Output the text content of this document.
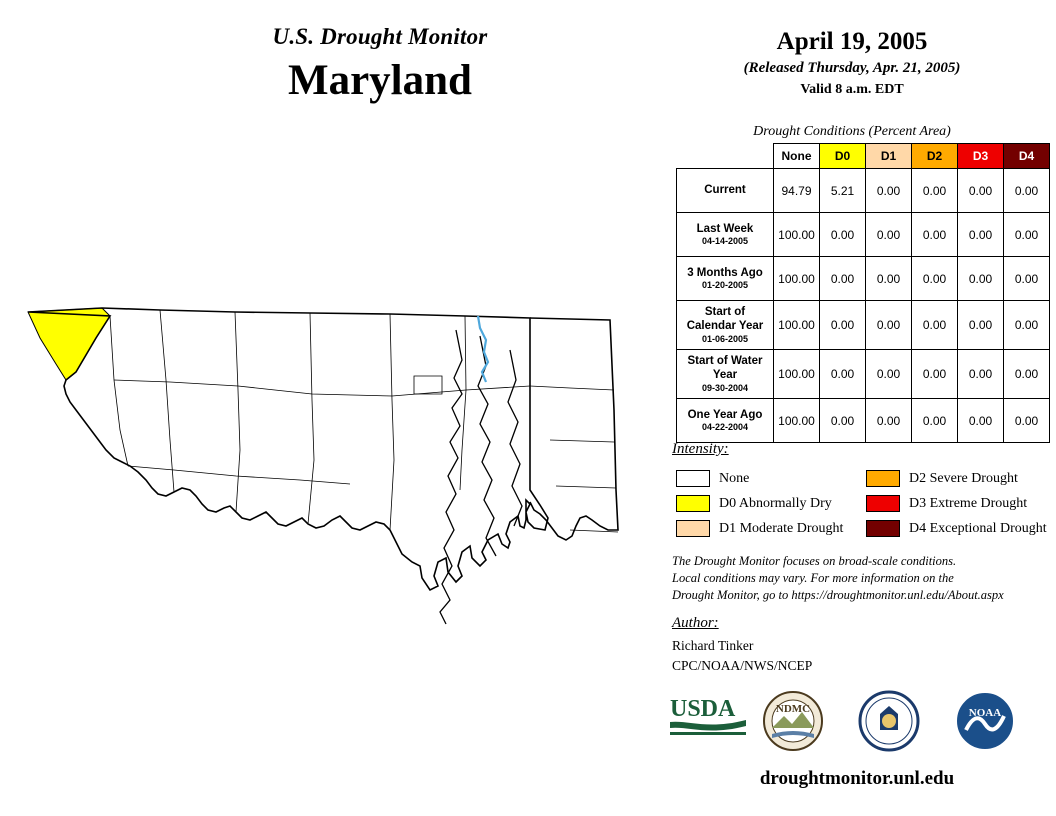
U.S. Drought Monitor
Maryland
April 19, 2005
(Released Thursday, Apr. 21, 2005)
Valid 8 a.m. EDT
Drought Conditions (Percent Area)
	None	D0	D1	D2	D3	D4
Current	94.79	5.21	0.00	0.00	0.00	0.00
Last Week
04-14-2005	100.00	0.00	0.00	0.00	0.00	0.00
3 Months Ago
01-20-2005	100.00	0.00	0.00	0.00	0.00	0.00
Start of Calendar Year
01-06-2005	100.00	0.00	0.00	0.00	0.00	0.00
Start of Water Year
09-30-2004	100.00	0.00	0.00	0.00	0.00	0.00
One Year Ago
04-22-2004	100.00	0.00	0.00	0.00	0.00	0.00
Intensity:
None
D0 Abnormally Dry
D1 Moderate Drought
D2 Severe Drought
D3 Extreme Drought
D4 Exceptional Drought
The Drought Monitor focuses on broad-scale conditions.
Local conditions may vary. For more information on the
Drought Monitor, go to https://droughtmonitor.unl.edu/About.aspx
Author:
Richard Tinker
CPC/NOAA/NWS/NCEP
USDA	NDMC	NOAA
droughtmonitor.unl.edu
